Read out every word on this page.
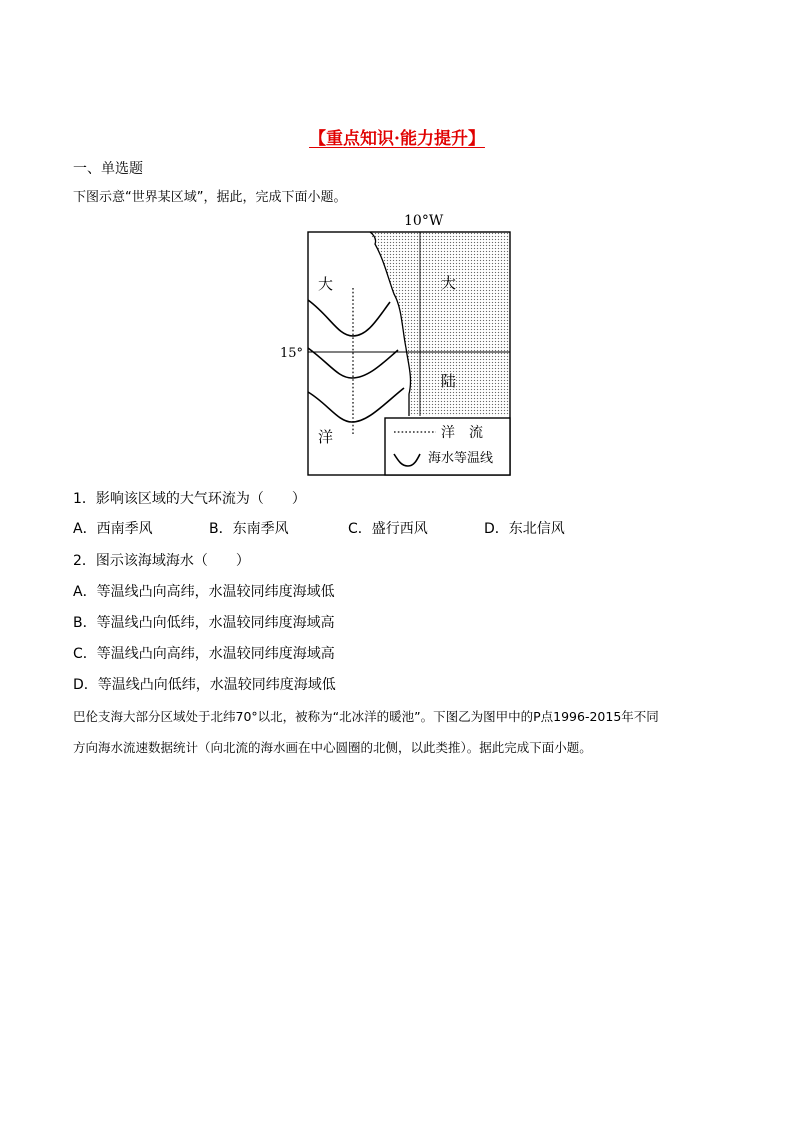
【重点知识·能力提升】
一、单选题
下图示意“世界某区域”，据此，完成下面小题。
10°W
15°
大
洋
大
陆
洋　流
海水等温线
1．影响该区域的大气环流为（　　）
A．西南季风	B．东南季风	C．盛行西风	D．东北信风
2．图示该海域海水（　　）
A．等温线凸向高纬，水温较同纬度海域低
B．等温线凸向低纬，水温较同纬度海域高
C．等温线凸向高纬，水温较同纬度海域高
D．等温线凸向低纬，水温较同纬度海域低
巴伦支海大部分区域处于北纬70°以北，被称为“北冰洋的暖池”。下图乙为图甲中的P点1996-2015年不同
方向海水流速数据统计（向北流的海水画在中心圆圈的北侧，以此类推）。据此完成下面小题。
